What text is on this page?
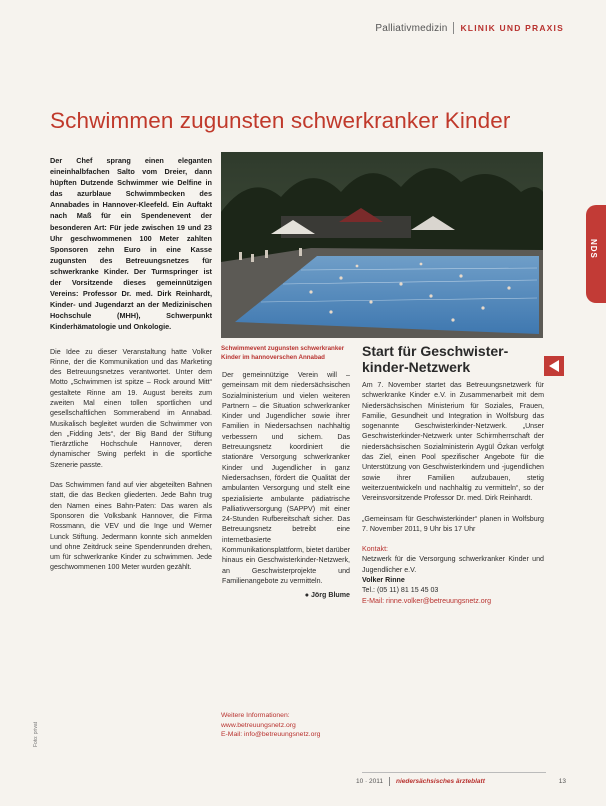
Palliativmedizin KLINIK UND PRAXIS
NDS
Schwimmen zugunsten schwerkranker Kinder

Der Chef sprang einen eleganten eineinhalbfachen Salto vom Dreier, dann hüpften Dutzende Schwimmer wie Delfine in das azurblaue Schwimmbecken des Annabades in Hannover-Kleefeld. Ein Auftakt nach Maß für ein Spendenevent der besonderen Art: Für jede zwischen 19 und 23 Uhr geschwommenen 100 Meter zahlten Sponsoren zehn Euro in eine Kasse zugunsten des Betreuungsnetzes für schwerkranke Kinder. Der Turmspringer ist der Vorsitzende dieses gemeinnützigen Vereins: Professor Dr. med. Dirk Reinhardt, Kinder- und Jugendarzt an der Medizinischen Hochschule (MHH), Schwerpunkt Kinderhämatologie und Onkologie.

Die Idee zu dieser Veranstaltung hatte Volker Rinne, der die Kommunikation und das Marketing des Betreuungsnetzes verantwortet. Unter dem Motto „Schwimmen ist spitze – Rock around Mitt“ gestaltete Rinne am 19. August bereits zum zweiten Mal einen tollen sportlichen und gesellschaftlichen Sommerabend im Annabad. Musikalisch begleitet wurden die Schwimmer von den „Fidding Jets“, der Big Band der Stiftung Tierärztliche Hochschule Hannover, deren dynamischer Swing perfekt in die sportliche Szenerie passte.

Das Schwimmen fand auf vier abgeteilten Bahnen statt, die das Becken gliederten. Jede Bahn trug den Namen eines Bahn-Paten: Das waren als Sponsoren die Volksbank Hannover, die Firma Rossmann, die VEV und die Inge und Werner Lunck Stiftung. Jedermann konnte sich anmelden und ohne Zeitdruck seine Spendenrunden drehen, um für schwerkranke Kinder zu schwimmen. Jede geschwommenen 100 Meter wurden gezählt.

Schwimmevent zugunsten schwerkranker Kinder im hannoverschen Annabad

Der gemeinnützige Verein will – gemeinsam mit dem niedersächsischen Sozialministerium und vielen weiteren Partnern – die Situation schwerkranker Kinder und Jugendlicher sowie ihrer Familien in Niedersachsen nachhaltig verbessern und sichern. Das Betreuungsnetz koordiniert die stationäre Versorgung schwerkranker Kinder und Jugendlicher in ganz Niedersachsen, fördert die Qualität der ambulanten Versorgung und stellt eine spezialisierte ambulante pädiatrische Palliativversorgung (SAPPV) mit einer 24-Stunden Rufbereitschaft sicher. Das Betreuungsnetz betreibt eine internetbasierte Kommunikationsplattform, bietet darüber hinaus ein Geschwisterkinder-Netzwerk, an Geschwisterprojekte und Familienangebote zu vermitteln.

● Jörg Blume

Weitere Informationen:
www.betreuungsnetz.org
E-Mail: info@betreuungsnetz.org
Start für Geschwister-kinder-Netzwerk

Am 7. November startet das Betreuungsnetzwerk für schwerkranke Kinder e.V. in Zusammenarbeit mit dem Niedersächsischen Ministerium für Soziales, Frauen, Familie, Gesundheit und Integration in Wolfsburg das sogenannte Geschwisterkinder-Netzwerk. „Unser Geschwisterkinder-Netzwerk unter Schirmherrschaft der niedersächsischen Sozialministerin Aygül Özkan verfolgt das Ziel, einen Pool spezifischer Angebote für die Unterstützung von Geschwisterkindern und -jugendlichen sowie ihrer Familien aufzubauen, stetig weiterzuentwickeln und nachhaltig zu vermitteln“, so der Vereinsvorsitzende Professor Dr. med. Dirk Reinhardt.

„Gemeinsam für Geschwisterkinder“ planen in Wolfsburg 7. November 2011, 9 Uhr bis 17 Uhr

Kontakt:
Netzwerk für die Versorgung schwerkranker Kinder und Jugendlicher e.V.
Volker Rinne
Tel.: (05 11) 81 15 45 03
E-Mail: rinne.volker@betreuungsnetz.org
Foto: privat
10 · 2011 niedersächsisches ärzteblatt	13
